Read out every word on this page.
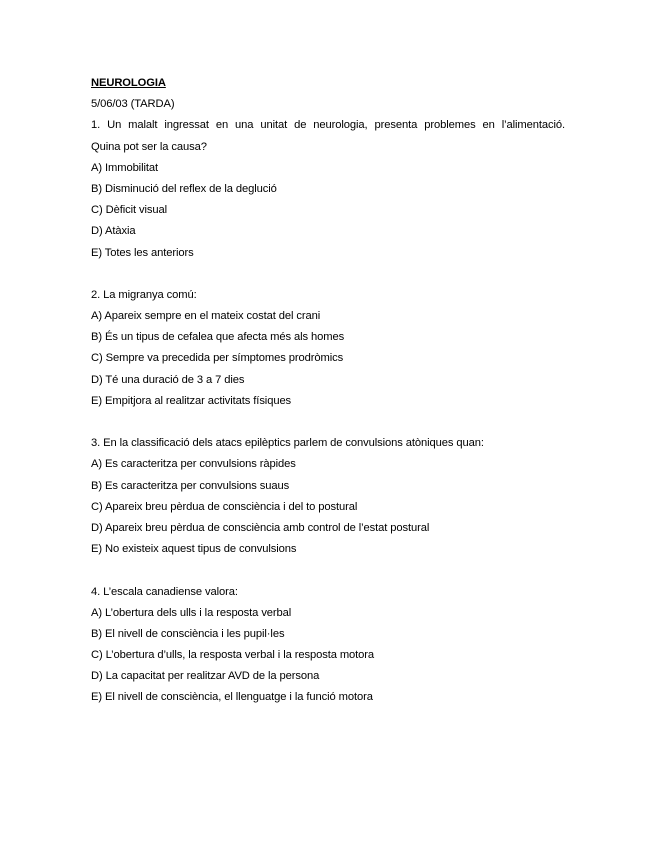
NEUROLOGIA
5/06/03 (TARDA)
1. Un malalt ingressat en una unitat de neurologia, presenta problemes en l’alimentació.
Quina pot ser la causa?
A) Immobilitat
B) Disminució del reflex de la deglució
C) Dèficit visual
D) Atàxia
E) Totes les anteriors
2. La migranya comú:
A) Apareix sempre en el mateix costat del crani
B) És un tipus de cefalea que afecta més als homes
C) Sempre va precedida per símptomes prodròmics
D) Té una duració de 3 a 7 dies
E) Empitjora al realitzar activitats físiques
3. En la classificació dels atacs epilèptics parlem de convulsions atòniques quan:
A) Es caracteritza per convulsions ràpides
B) Es caracteritza per convulsions suaus
C) Apareix breu pèrdua de consciència i del to postural
D) Apareix breu pèrdua de consciència amb control de l’estat postural
E) No existeix aquest tipus de convulsions
4. L’escala canadiense valora:
A) L’obertura dels ulls i la resposta verbal
B) El nivell de consciència i les pupil·les
C) L’obertura d’ulls, la resposta verbal i la resposta motora
D) La capacitat per realitzar AVD de la persona
E) El nivell de consciència, el llenguatge i la funció motora
